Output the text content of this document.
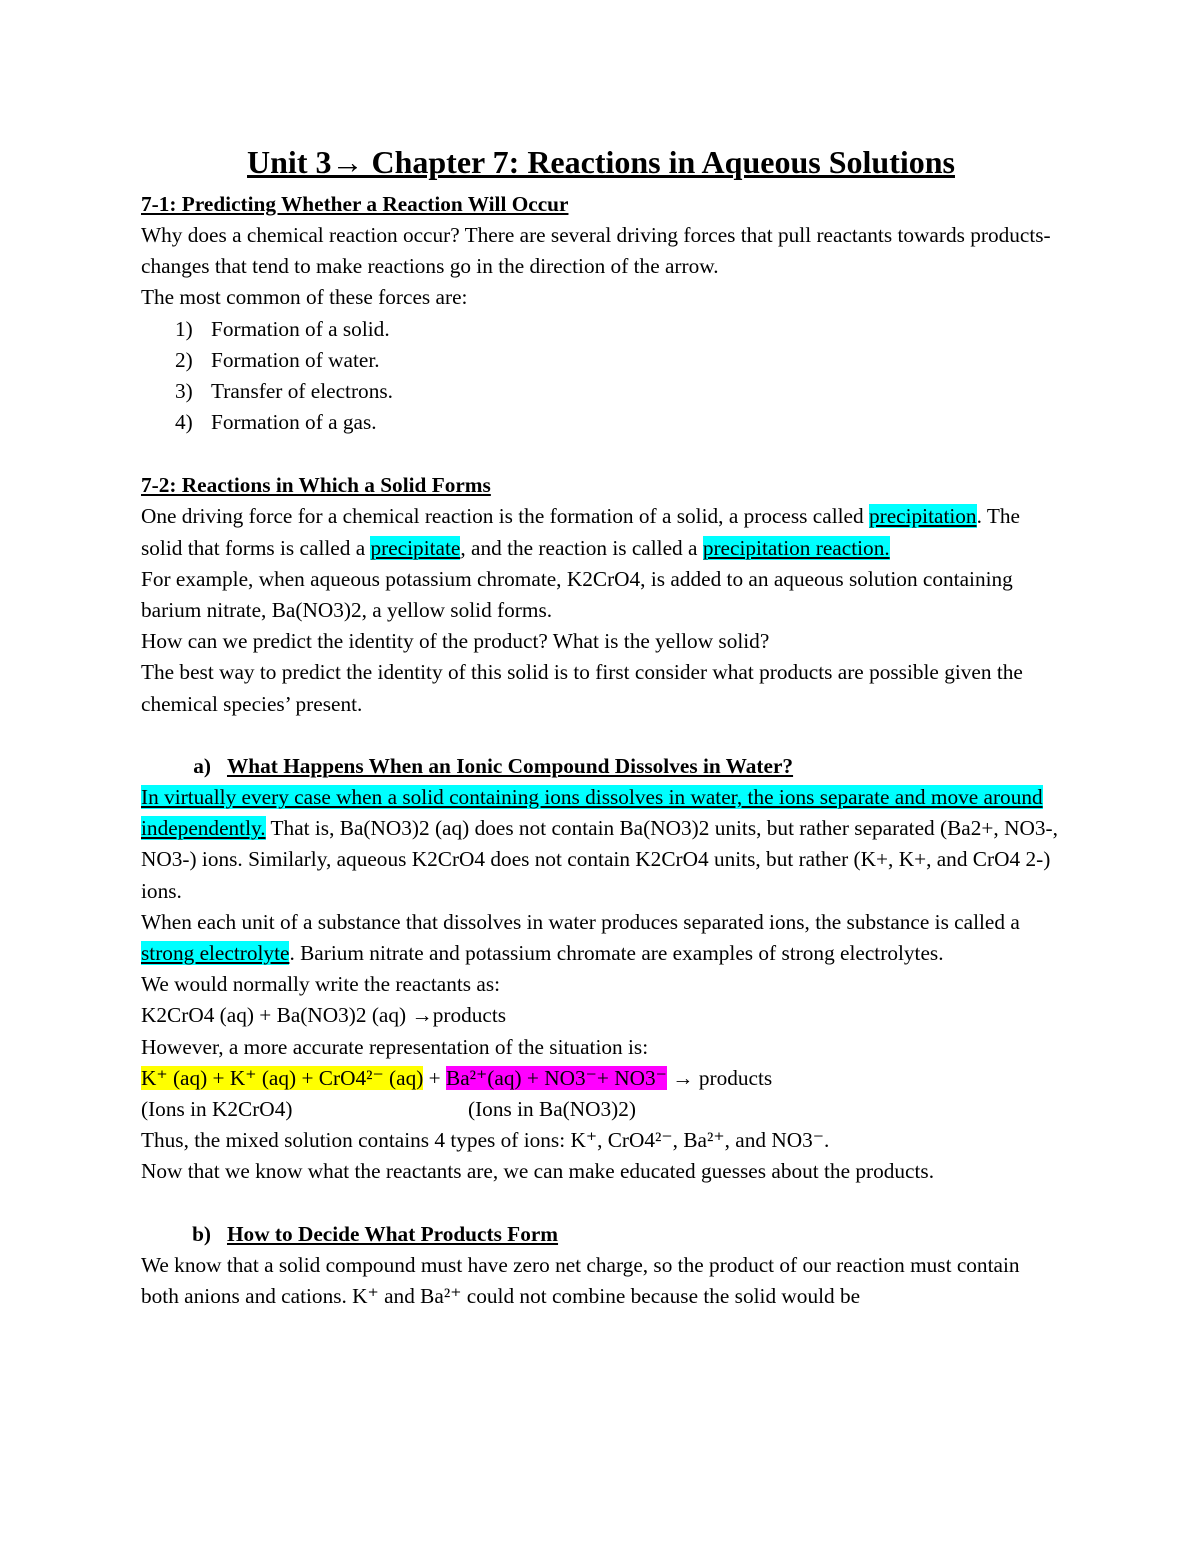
Unit 3→ Chapter 7: Reactions in Aqueous Solutions
7-1: Predicting Whether a Reaction Will Occur

Why does a chemical reaction occur? There are several driving forces that pull reactants towards products- changes that tend to make reactions go in the direction of the arrow.

The most common of these forces are:

1) Formation of a solid.
2) Formation of water.
3) Transfer of electrons.
4) Formation of a gas.
7-2: Reactions in Which a Solid Forms

One driving force for a chemical reaction is the formation of a solid, a process called precipitation. The solid that forms is called a precipitate, and the reaction is called a precipitation reaction.

For example, when aqueous potassium chromate, K2CrO4, is added to an aqueous solution containing barium nitrate, Ba(NO3)2, a yellow solid forms.

How can we predict the identity of the product? What is the yellow solid?

The best way to predict the identity of this solid is to first consider what products are possible given the chemical species’ present.

a) What Happens When an Ionic Compound Dissolves in Water?

In virtually every case when a solid containing ions dissolves in water, the ions separate and move around independently. That is, Ba(NO3)2 (aq) does not contain Ba(NO3)2 units, but rather separated (Ba2+, NO3-, NO3-) ions. Similarly, aqueous K2CrO4 does not contain K2CrO4 units, but rather (K+, K+, and CrO4 2-) ions.

When each unit of a substance that dissolves in water produces separated ions, the substance is called a strong electrolyte. Barium nitrate and potassium chromate are examples of strong electrolytes.

We would normally write the reactants as:

K2CrO4 (aq) + Ba(NO3)2 (aq) →products

However, a more accurate representation of the situation is:

K⁺ (aq) + K⁺ (aq) + CrO4²⁻ (aq) + Ba²⁺(aq) + NO3⁻+ NO3⁻ → products

(Ions in K2CrO4)	(Ions in Ba(NO3)2)

Thus, the mixed solution contains 4 types of ions: K⁺, CrO4²⁻, Ba²⁺, and NO3⁻.

Now that we know what the reactants are, we can make educated guesses about the products.

b) How to Decide What Products Form

We know that a solid compound must have zero net charge, so the product of our reaction must contain both anions and cations. K⁺ and Ba²⁺ could not combine because the solid would be
